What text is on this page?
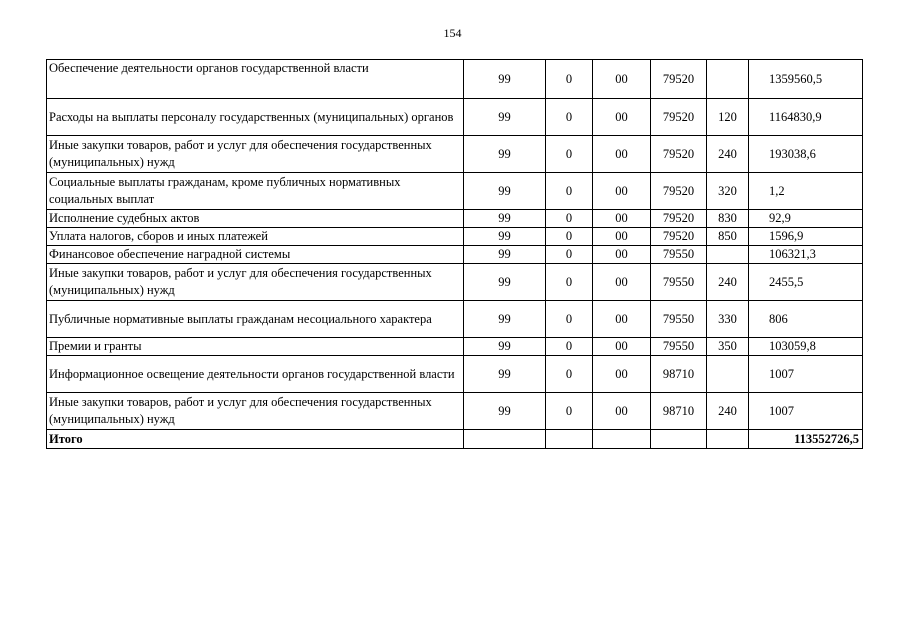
154
Обеспечение деятельности органов государственной власти	99	0	00	79520		1359560,5
Расходы на выплаты персоналу государственных (муниципальных) органов	99	0	00	79520	120	1164830,9
Иные закупки товаров, работ и услуг для обеспечения государственных (муниципальных) нужд	99	0	00	79520	240	193038,6
Социальные выплаты гражданам, кроме публичных нормативных социальных выплат	99	0	00	79520	320	1,2
Исполнение судебных актов	99	0	00	79520	830	92,9
Уплата налогов, сборов и иных платежей	99	0	00	79520	850	1596,9
Финансовое обеспечение наградной системы	99	0	00	79550		106321,3
Иные закупки товаров, работ и услуг для обеспечения государственных (муниципальных) нужд	99	0	00	79550	240	2455,5
Публичные нормативные выплаты гражданам несоциального характера	99	0	00	79550	330	806
Премии и гранты	99	0	00	79550	350	103059,8
Информационное освещение деятельности органов государственной власти	99	0	00	98710		1007
Иные закупки товаров, работ и услуг для обеспечения государственных (муниципальных) нужд	99	0	00	98710	240	1007
Итого						113552726,5
